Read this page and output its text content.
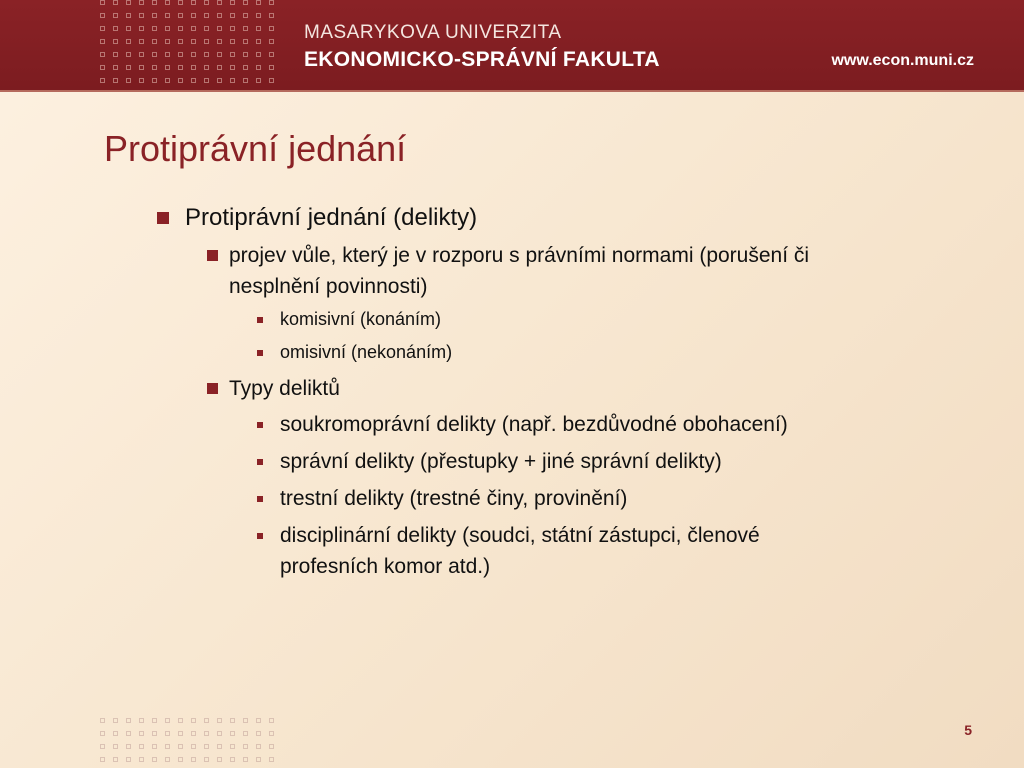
MASARYKOVA UNIVERZITA
EKONOMICKO-SPRÁVNÍ FAKULTA	www.econ.muni.cz
Protiprávní jednání
Protiprávní jednání (delikty)
projev vůle, který je v rozporu s právními normami (porušení či
nesplnění povinnosti)
komisivní (konáním)
omisivní (nekonáním)
Typy deliktů
soukromoprávní delikty (např. bezdůvodné obohacení)
správní delikty (přestupky + jiné správní delikty)
trestní delikty (trestné činy, provinění)
disciplinární delikty (soudci, státní zástupci, členové
profesních komor atd.)
5
